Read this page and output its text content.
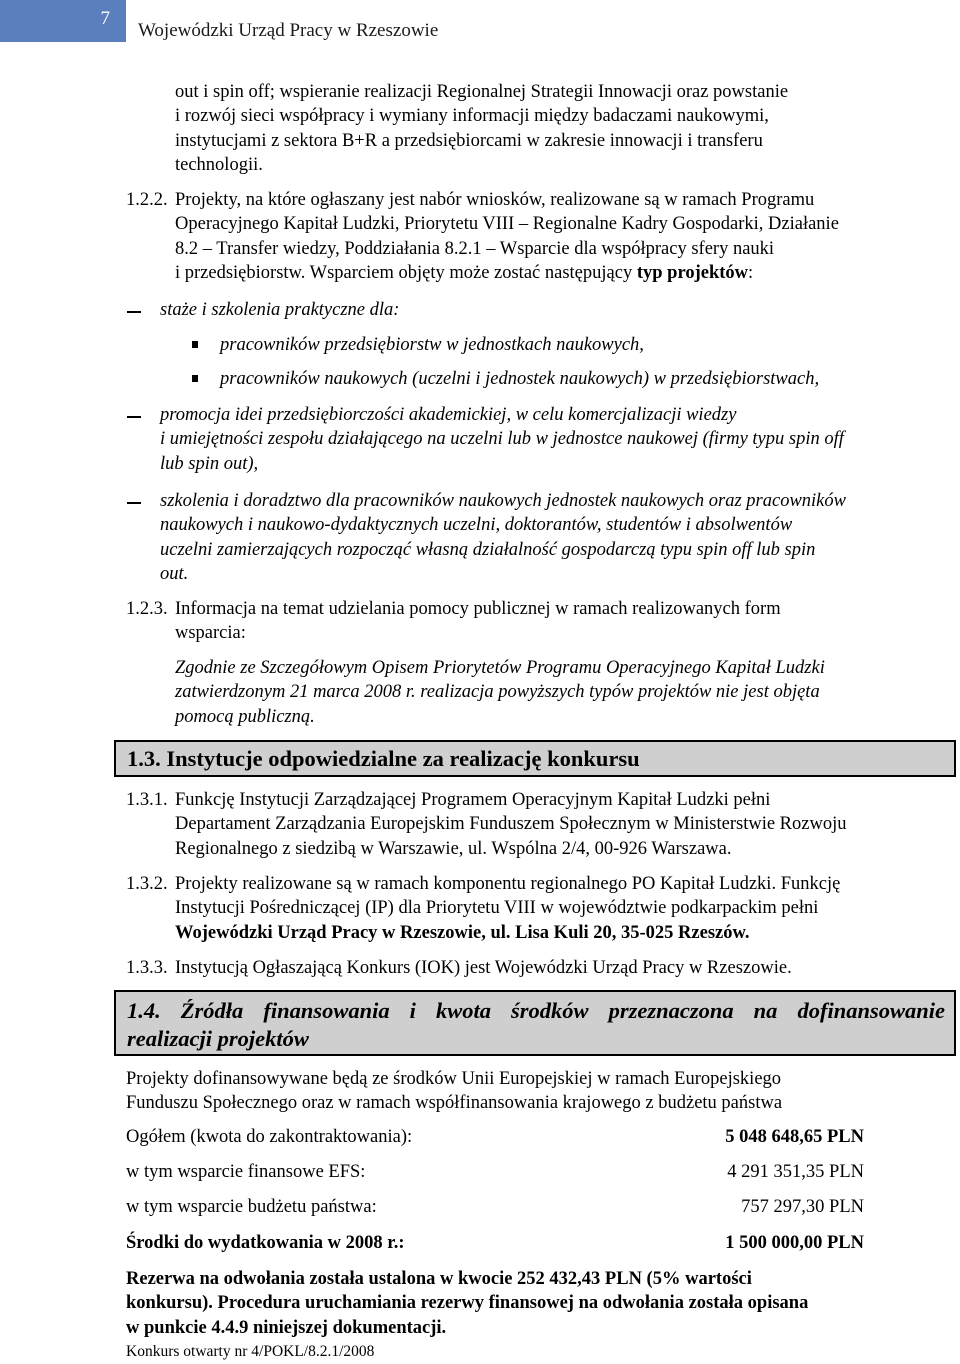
7
Wojewódzki Urząd Pracy w Rzeszowie

out i spin off; wspieranie realizacji Regionalnej Strategii Innowacji oraz powstanie

i rozwój sieci współpracy i wymiany informacji między badaczami naukowymi,

instytucjami z sektora B+R a przedsiębiorcami w zakresie innowacji i transferu

technologii.

1.2.2. Projekty, na które ogłaszany jest nabór wniosków, realizowane są w ramach Programu

Operacyjnego Kapitał Ludzki, Priorytetu VIII – Regionalne Kadry Gospodarki, Działanie

8.2 – Transfer wiedzy, Poddziałania 8.2.1 – Wsparcie dla współpracy sfery nauki

i przedsiębiorstw. Wsparciem objęty może zostać następujący typ projektów:

staże i szkolenia praktyczne dla:
pracowników przedsiębiorstw w jednostkach naukowych,
pracowników naukowych (uczelni i jednostek naukowych) w przedsiębiorstwach,

promocja idei przedsiębiorczości akademickiej, w celu komercjalizacji wiedzy

i umiejętności zespołu działającego na uczelni lub w jednostce naukowej (firmy typu spin off

lub spin out),

szkolenia i doradztwo dla pracowników naukowych jednostek naukowych oraz pracowników

naukowych i naukowo-dydaktycznych uczelni, doktorantów, studentów i absolwentów

uczelni zamierzających rozpocząć własną działalność gospodarczą typu spin off lub spin

out.

1.2.3. Informacja na temat udzielania pomocy publicznej w ramach realizowanych form

wsparcia:

Zgodnie ze Szczegółowym Opisem Priorytetów Programu Operacyjnego Kapitał Ludzki

zatwierdzonym 21 marca 2008 r. realizacja powyższych typów projektów nie jest objęta

pomocą publiczną.

1.3. Instytucje odpowiedzialne za realizację konkursu
1.3.1. Funkcję Instytucji Zarządzającej Programem Operacyjnym Kapitał Ludzki pełni

Departament Zarządzania Europejskim Funduszem Społecznym w Ministerstwie Rozwoju

Regionalnego z siedzibą w Warszawie, ul. Wspólna 2/4, 00-926 Warszawa.

1.3.2. Projekty realizowane są w ramach komponentu regionalnego PO Kapitał Ludzki. Funkcję

Instytucji Pośredniczącej (IP) dla Priorytetu VIII w województwie podkarpackim pełni

Wojewódzki Urząd Pracy w Rzeszowie, ul. Lisa Kuli 20, 35-025 Rzeszów.

1.3.3. Instytucją Ogłaszającą Konkurs (IOK) jest Wojewódzki Urząd Pracy w Rzeszowie.

1.4. Źródła finansowania i kwota środków przeznaczona na dofinansowanie
realizacji projektów

Projekty dofinansowywane będą ze środków Unii Europejskiej w ramach Europejskiego

Funduszu Społecznego oraz w ramach współfinansowania krajowego z budżetu państwa

Ogółem (kwota do zakontraktowania):	5 048 648,65 PLN
w tym wsparcie finansowe EFS:	4 291 351,35 PLN
w tym wsparcie budżetu państwa:	757 297,30 PLN
Środki do wydatkowania w 2008 r.:	1 500 000,00 PLN

Rezerwa na odwołania została ustalona w kwocie 252 432,43 PLN (5% wartości

konkursu). Procedura uruchamiania rezerwy finansowej na odwołania została opisana

w punkcie 4.4.9 niniejszej dokumentacji.

Konkurs otwarty nr 4/POKL/8.2.1/2008
